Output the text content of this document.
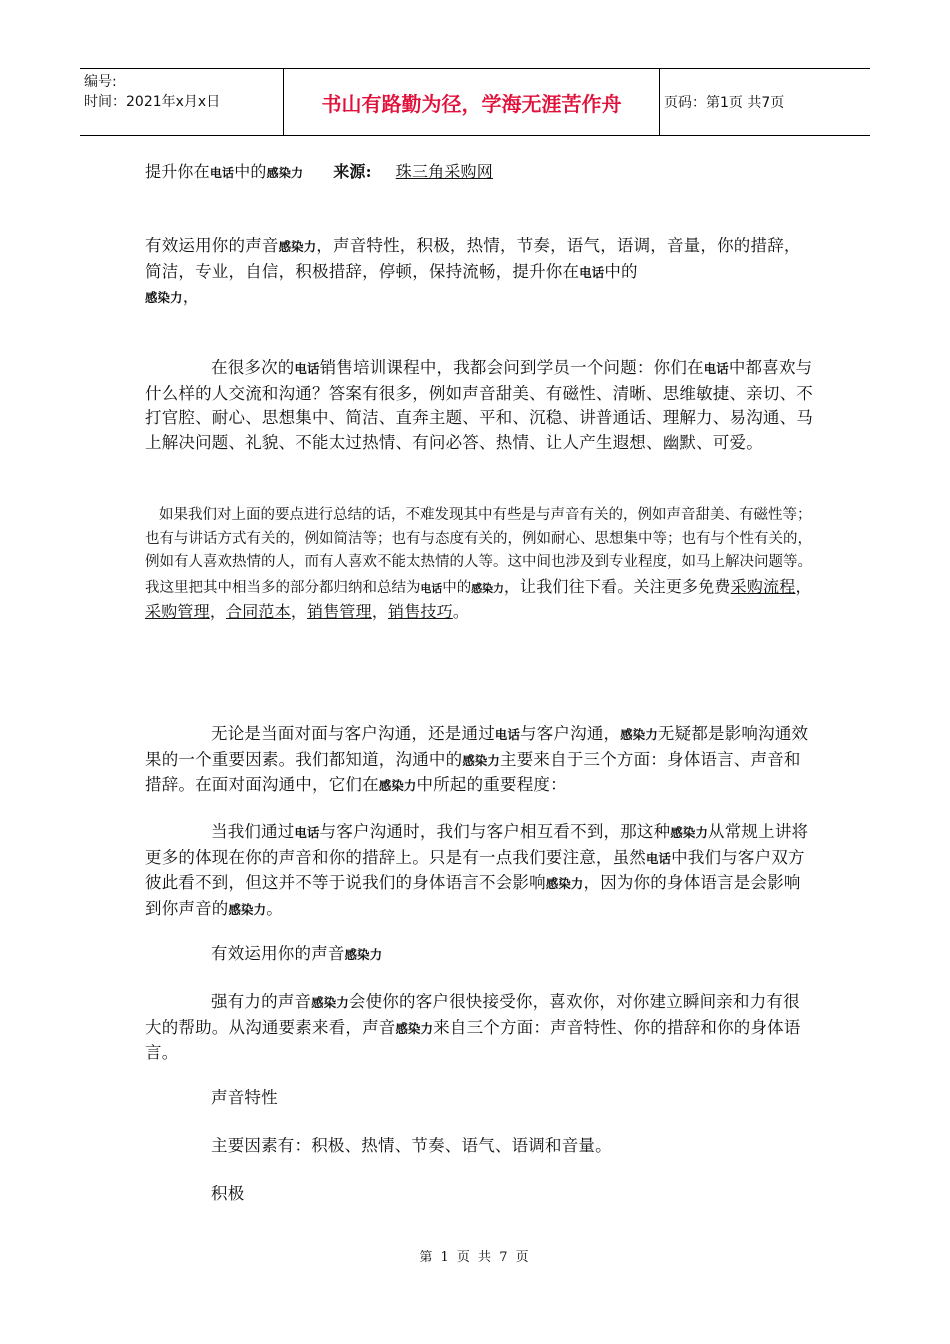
编号:
时间：2021年x月x日	书山有路勤为径，学海无涯苦作舟	页码：第1页 共7页

提升你在电话中的感染力 来源: 珠三角采购网

有效运用你的声音感染力，声音特性，积极，热情，节奏，语气，语调，音量，你的措辞，简洁，专业，自信，积极措辞，停顿，保持流畅，提升你在电话中的
感染力，

在很多次的电话销售培训课程中，我都会问到学员一个问题：你们在电话中都喜欢与什么样的人交流和沟通？答案有很多，例如声音甜美、有磁性、清晰、思维敏捷、亲切、不打官腔、耐心、思想集中、简洁、直奔主题、平和、沉稳、讲普通话、理解力、易沟通、马上解决问题、礼貌、不能太过热情、有问必答、热情、让人产生遐想、幽默、可爱。

如果我们对上面的要点进行总结的话，不难发现其中有些是与声音有关的，例如声音甜美、有磁性等；也有与讲话方式有关的，例如简洁等；也有与态度有关的，例如耐心、思想集中等；也有与个性有关的，例如有人喜欢热情的人，而有人喜欢不能太热情的人等。这中间也涉及到专业程度，如马上解决问题等。我这里把其中相当多的部分都归纳和总结为电话中的感染力，让我们往下看。关注更多免费采购流程，采购管理，合同范本，销售管理，销售技巧。

无论是当面对面与客户沟通，还是通过电话与客户沟通，感染力无疑都是影响沟通效果的一个重要因素。我们都知道，沟通中的感染力主要来自于三个方面：身体语言、声音和措辞。在面对面沟通中，它们在感染力中所起的重要程度：

当我们通过电话与客户沟通时，我们与客户相互看不到，那这种感染力从常规上讲将更多的体现在你的声音和你的措辞上。只是有一点我们要注意，虽然电话中我们与客户双方彼此看不到，但这并不等于说我们的身体语言不会影响感染力，因为你的身体语言是会影响到你声音的感染力。

有效运用你的声音感染力

强有力的声音感染力会使你的客户很快接受你，喜欢你，对你建立瞬间亲和力有很大的帮助。从沟通要素来看，声音感染力来自三个方面：声音特性、你的措辞和你的身体语言。

声音特性

主要因素有：积极、热情、节奏、语气、语调和音量。

积极

第 1 页 共 7 页
